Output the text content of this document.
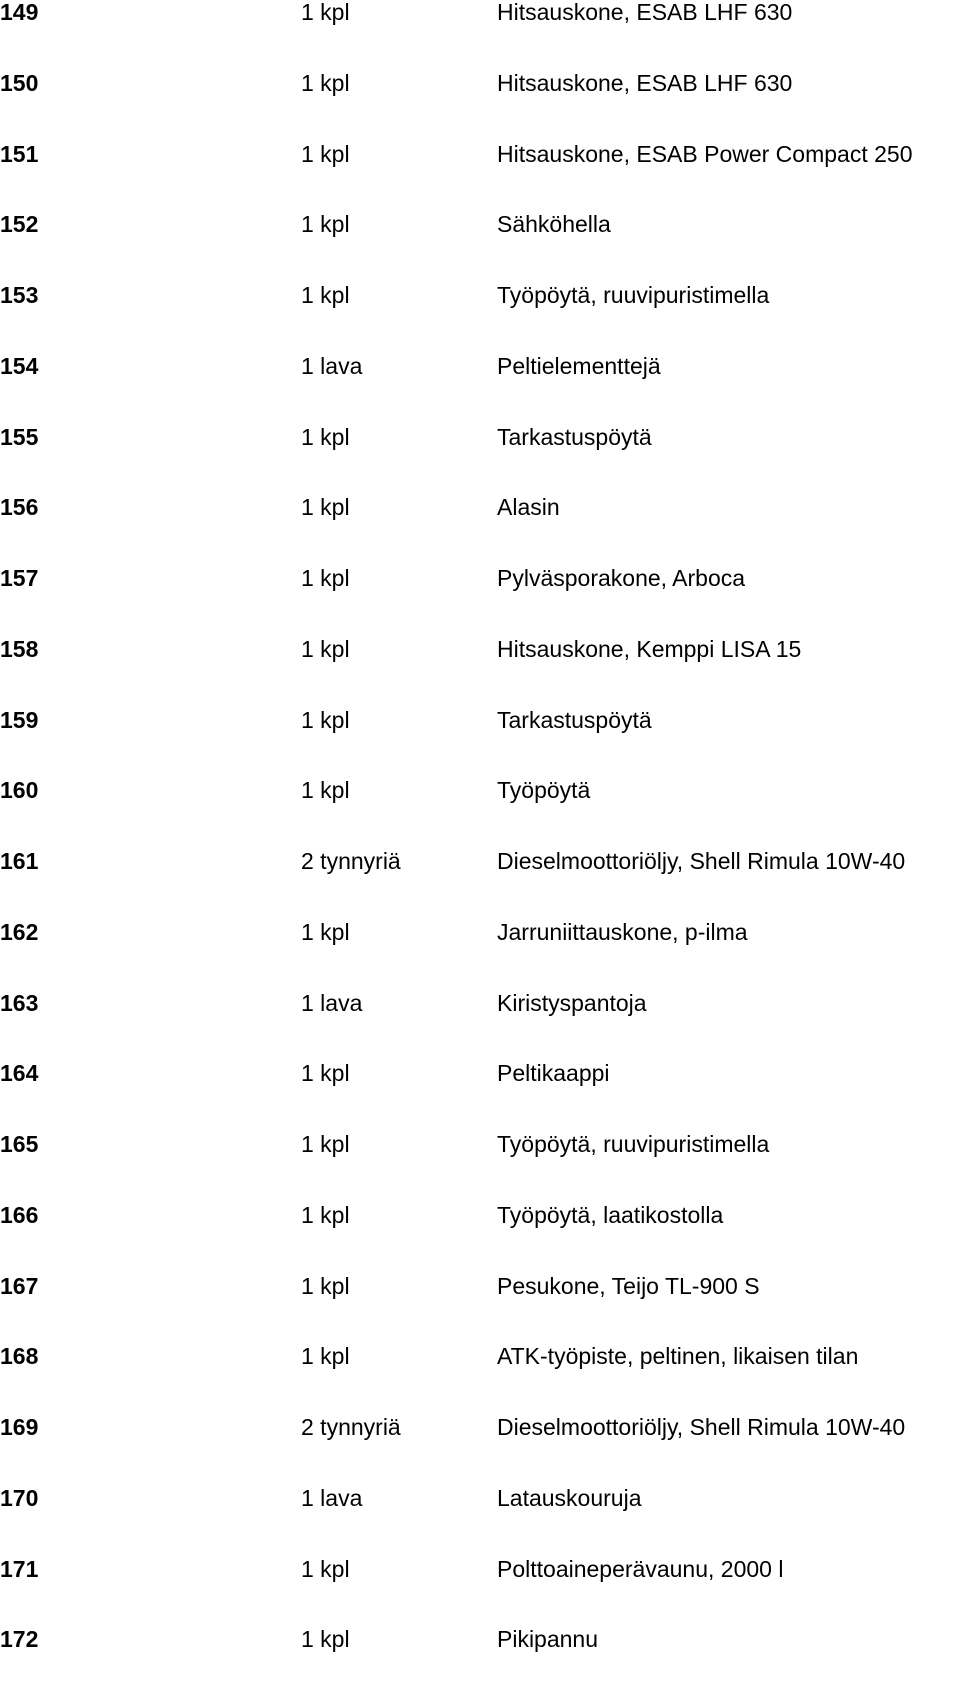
149	1 kpl	Hitsauskone, ESAB LHF 630
150	1 kpl	Hitsauskone, ESAB LHF 630
151	1 kpl	Hitsauskone, ESAB Power Compact 250
152	1 kpl	Sähköhella
153	1 kpl	Työpöytä, ruuvipuristimella
154	1 lava	Peltielementtejä
155	1 kpl	Tarkastuspöytä
156	1 kpl	Alasin
157	1 kpl	Pylväsporakone, Arboca
158	1 kpl	Hitsauskone, Kemppi LISA 15
159	1 kpl	Tarkastuspöytä
160	1 kpl	Työpöytä
161	2 tynnyriä	Dieselmoottoriöljy, Shell Rimula 10W-40
162	1 kpl	Jarruniittauskone, p-ilma
163	1 lava	Kiristyspantoja
164	1 kpl	Peltikaappi
165	1 kpl	Työpöytä, ruuvipuristimella
166	1 kpl	Työpöytä, laatikostolla
167	1 kpl	Pesukone, Teijo TL-900 S
168	1 kpl	ATK-työpiste, peltinen, likaisen tilan
169	2 tynnyriä	Dieselmoottoriöljy, Shell Rimula 10W-40
170	1 lava	Latauskouruja
171	1 kpl	Polttoaineperävaunu, 2000 l
172	1 kpl	Pikipannu
